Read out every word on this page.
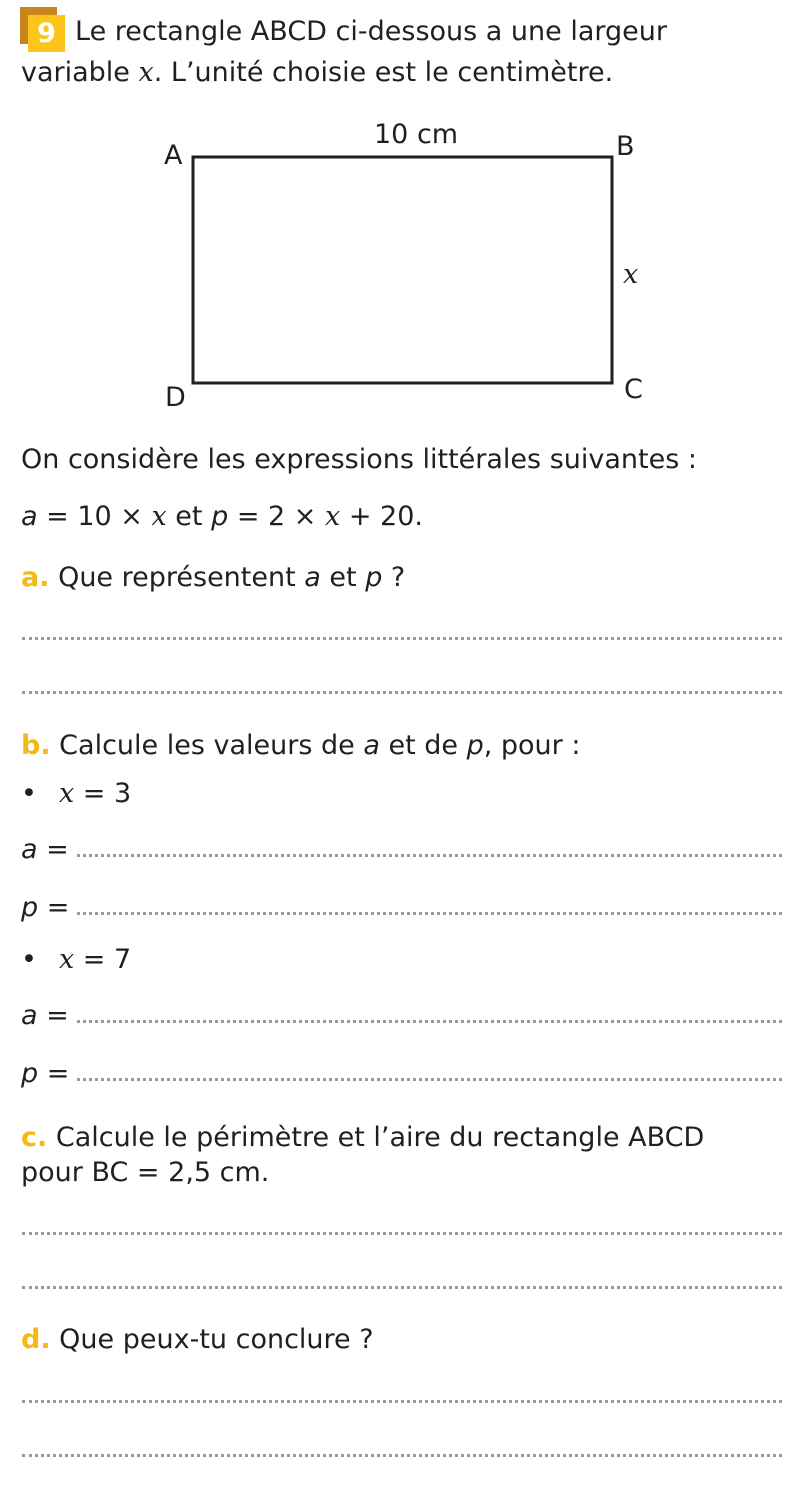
9 Le rectangle ABCD ci-dessous a une largeur
variable x. L’unité choisie est le centimètre.
A	B
C
D
10 cm
x
On considère les expressions littérales suivantes :
a = 10 × x et p = 2 × x + 20.
a. Que représentent a et p ?
b. Calcule les valeurs de a et de p, pour :
• x = 3
a =
p =
• x = 7
a =
p =
c. Calcule le périmètre et l’aire du rectangle ABCD
pour BC = 2,5 cm.
d. Que peux-tu conclure ?
